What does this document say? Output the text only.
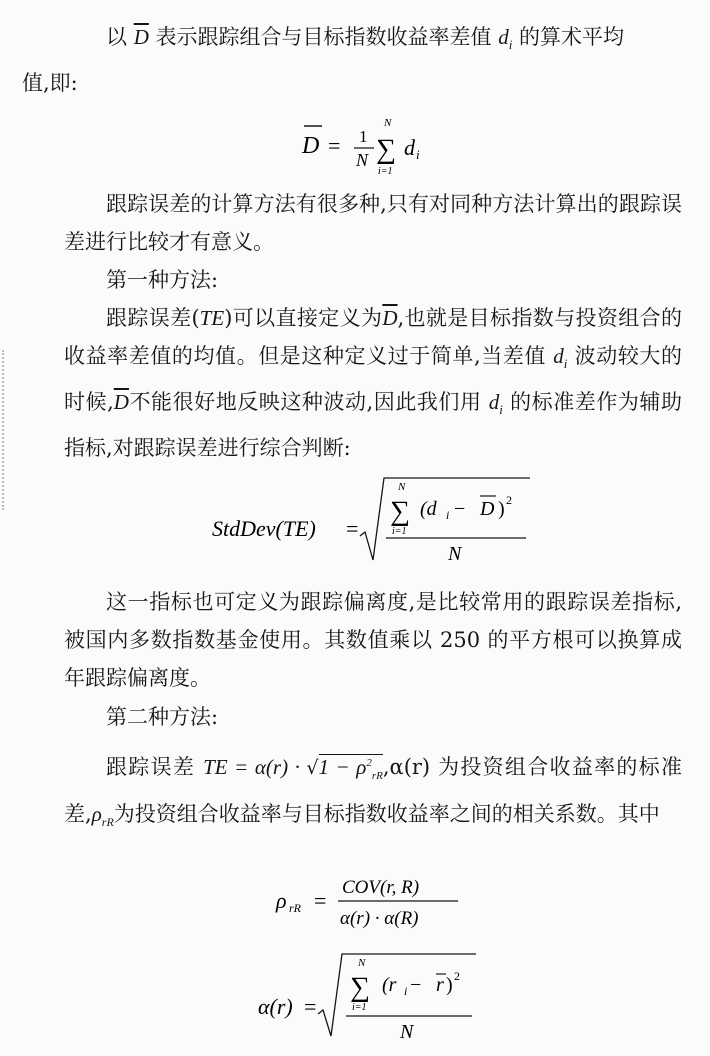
以 $\overline{D}$ 表示跟踪组合与目标指数收益率差值 $d_i$ 的算术平均
值,即:

D = 1
N
N
∑
i=1
d i

跟踪误差的计算方法有很多种,只有对同种方法计算出的跟踪误差进行比较才有意义。

第一种方法:

跟踪误差(TE)可以直接定义为$\overline{D}$,也就是目标指数与投资组合的收益率差值的均值。但是这种定义过于简单,当差值 $d_i$ 波动较大的时候$,\overline{D}$不能很好地反映这种波动,因此我们用 $d_i$ 的标准差作为辅助指标,对跟踪误差进行综合判断:

StdDev(TE) =
N
∑
i=1
(d i − D ) 2
N

这一指标也可定义为跟踪偏离度,是比较常用的跟踪误差指标,被国内多数指数基金使用。其数值乘以 250 的平方根可以换算成年跟踪偏离度。

第二种方法:

跟踪误差 TE = $\alpha(r) \cdot √1 - \rho^2_{rR},\alpha(r)$ 为投资组合收益率的标准差$,\rho_{rR}$为投资组合收益率与目标指数收益率之间的相关系数。其中

ρ rR =
COV(r, R)
α(r) · α(R)
α(r) =
N
∑
i=1
(r i − r ) 2
N
